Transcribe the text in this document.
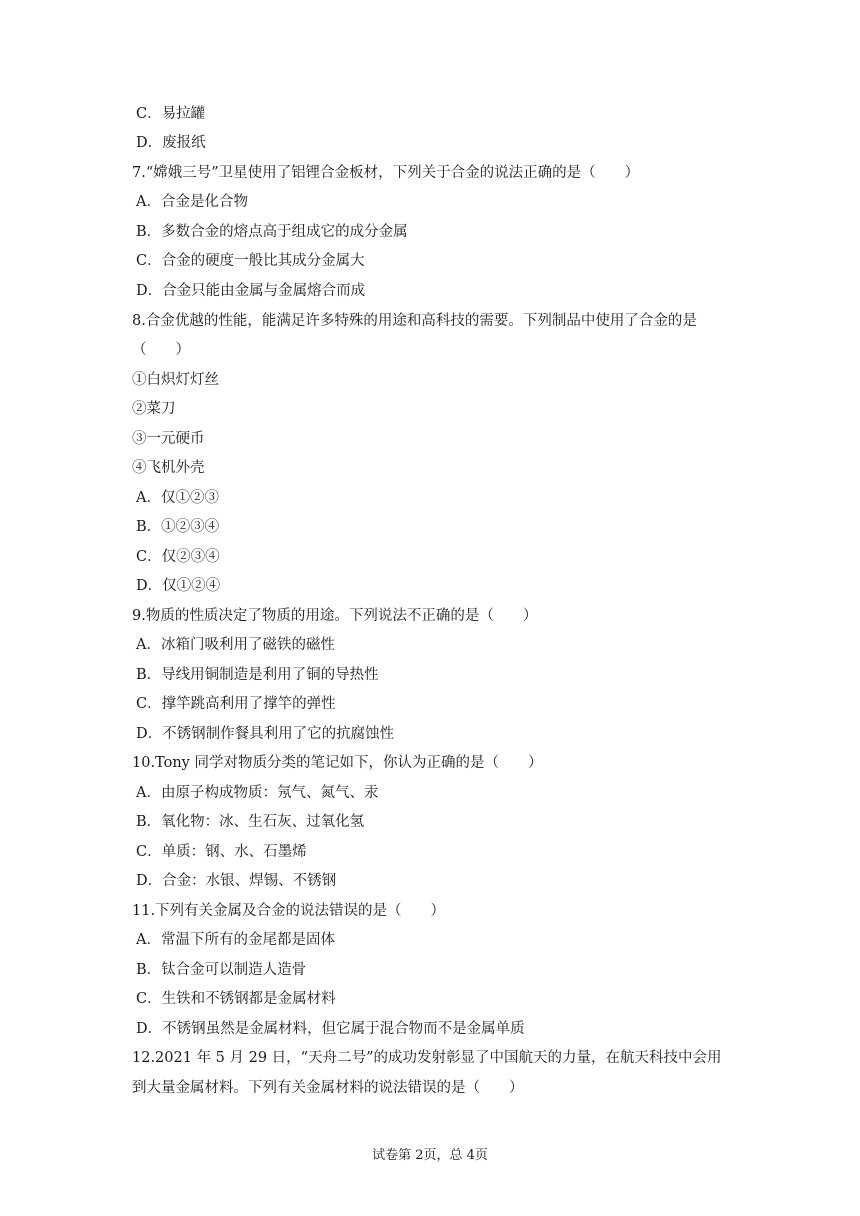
C．易拉罐
D．废报纸
7.“嫦娥三号”卫星使用了铝锂合金板材，下列关于合金的说法正确的是（　　）
A．合金是化合物
B．多数合金的熔点高于组成它的成分金属
C．合金的硬度一般比其成分金属大
D．合金只能由金属与金属熔合而成
8.合金优越的性能，能满足许多特殊的用途和高科技的需要。下列制品中使用了合金的是
（　　）
①白炽灯灯丝
②菜刀
③一元硬币
④飞机外壳
A．仅①②③
B．①②③④
C．仅②③④
D．仅①②④
9.物质的性质决定了物质的用途。下列说法不正确的是（　　）
A．冰箱门吸利用了磁铁的磁性
B．导线用铜制造是利用了铜的导热性
C．撑竿跳高利用了撑竿的弹性
D．不锈钢制作餐具利用了它的抗腐蚀性
10.Tony 同学对物质分类的笔记如下，你认为正确的是（　　）
A．由原子构成物质：氖气、氮气、汞
B．氧化物：冰、生石灰、过氧化氢
C．单质：钢、水、石墨烯
D．合金：水银、焊锡、不锈钢
11.下列有关金属及合金的说法错误的是（　　）
A．常温下所有的金尾都是固体
B．钛合金可以制造人造骨
C．生铁和不锈钢都是金属材料
D．不锈钢虽然是金属材料，但它属于混合物而不是金属单质
12.2021 年 5 月 29 日，“天舟二号”的成功发射彰显了中国航天的力量，在航天科技中会用
到大量金属材料。下列有关金属材料的说法错误的是（　　）
试卷第 2页，总 4页
